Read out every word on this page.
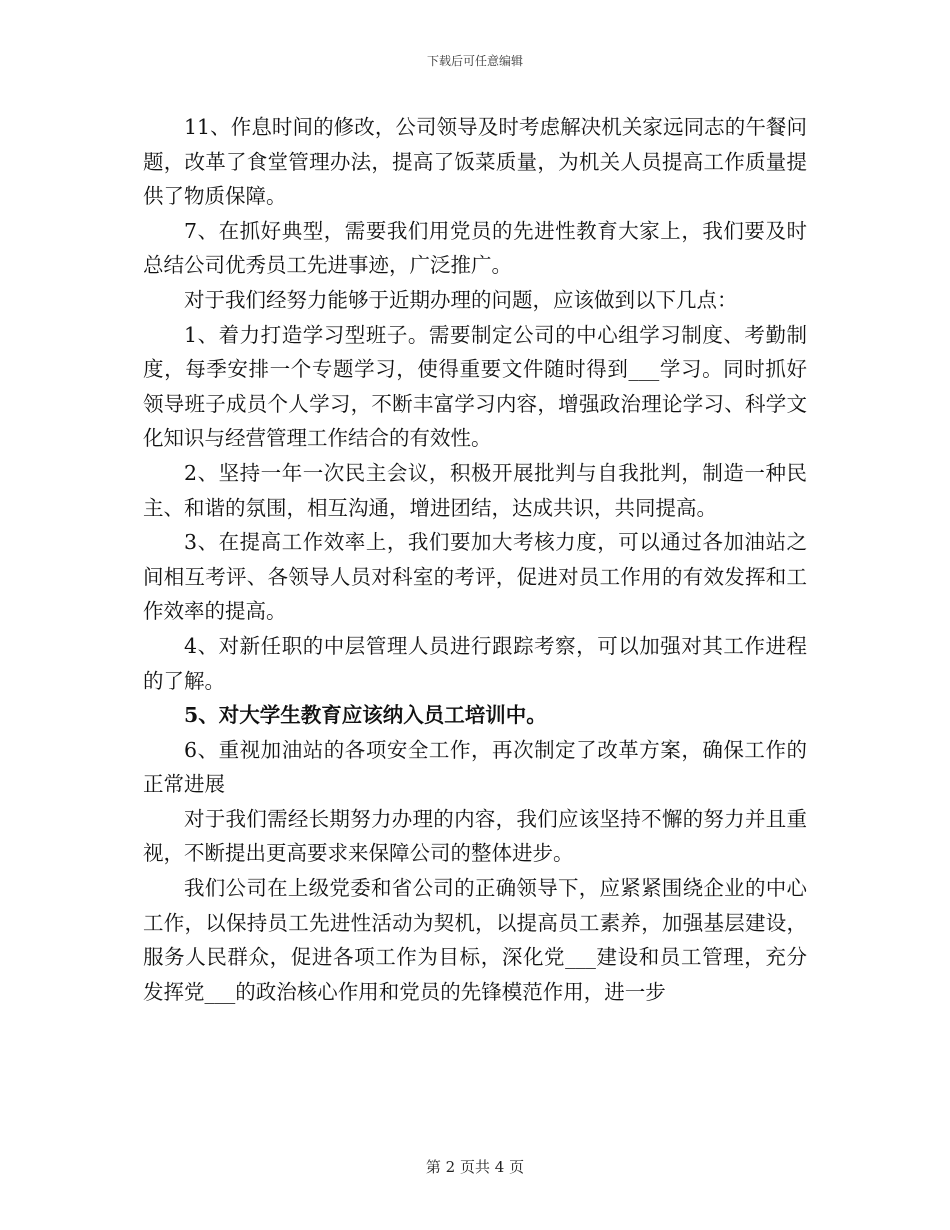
下载后可任意编辑

11、作息时间的修改，公司领导及时考虑解决机关家远同志的午餐问题，改革了食堂管理办法，提高了饭菜质量，为机关人员提高工作质量提供了物质保障。

7、在抓好典型，需要我们用党员的先进性教育大家上，我们要及时总结公司优秀员工先进事迹，广泛推广。

对于我们经努力能够于近期办理的问题，应该做到以下几点：

1、着力打造学习型班子。需要制定公司的中心组学习制度、考勤制度，每季安排一个专题学习，使得重要文件随时得到___学习。同时抓好领导班子成员个人学习，不断丰富学习内容，增强政治理论学习、科学文化知识与经营管理工作结合的有效性。

2、坚持一年一次民主会议，积极开展批判与自我批判，制造一种民主、和谐的氛围，相互沟通，增进团结，达成共识，共同提高。

3、在提高工作效率上，我们要加大考核力度，可以通过各加油站之间相互考评、各领导人员对科室的考评，促进对员工作用的有效发挥和工作效率的提高。

4、对新任职的中层管理人员进行跟踪考察，可以加强对其工作进程的了解。

5、对大学生教育应该纳入员工培训中。

6、重视加油站的各项安全工作，再次制定了改革方案，确保工作的正常进展

对于我们需经长期努力办理的内容，我们应该坚持不懈的努力并且重视，不断提出更高要求来保障公司的整体进步。

我们公司在上级党委和省公司的正确领导下，应紧紧围绕企业的中心工作，以保持员工先进性活动为契机，以提高员工素养，加强基层建设，服务人民群众，促进各项工作为目标，深化党___建设和员工管理，充分发挥党___的政治核心作用和党员的先锋模范作用，进一步

第 2 页共 4 页
